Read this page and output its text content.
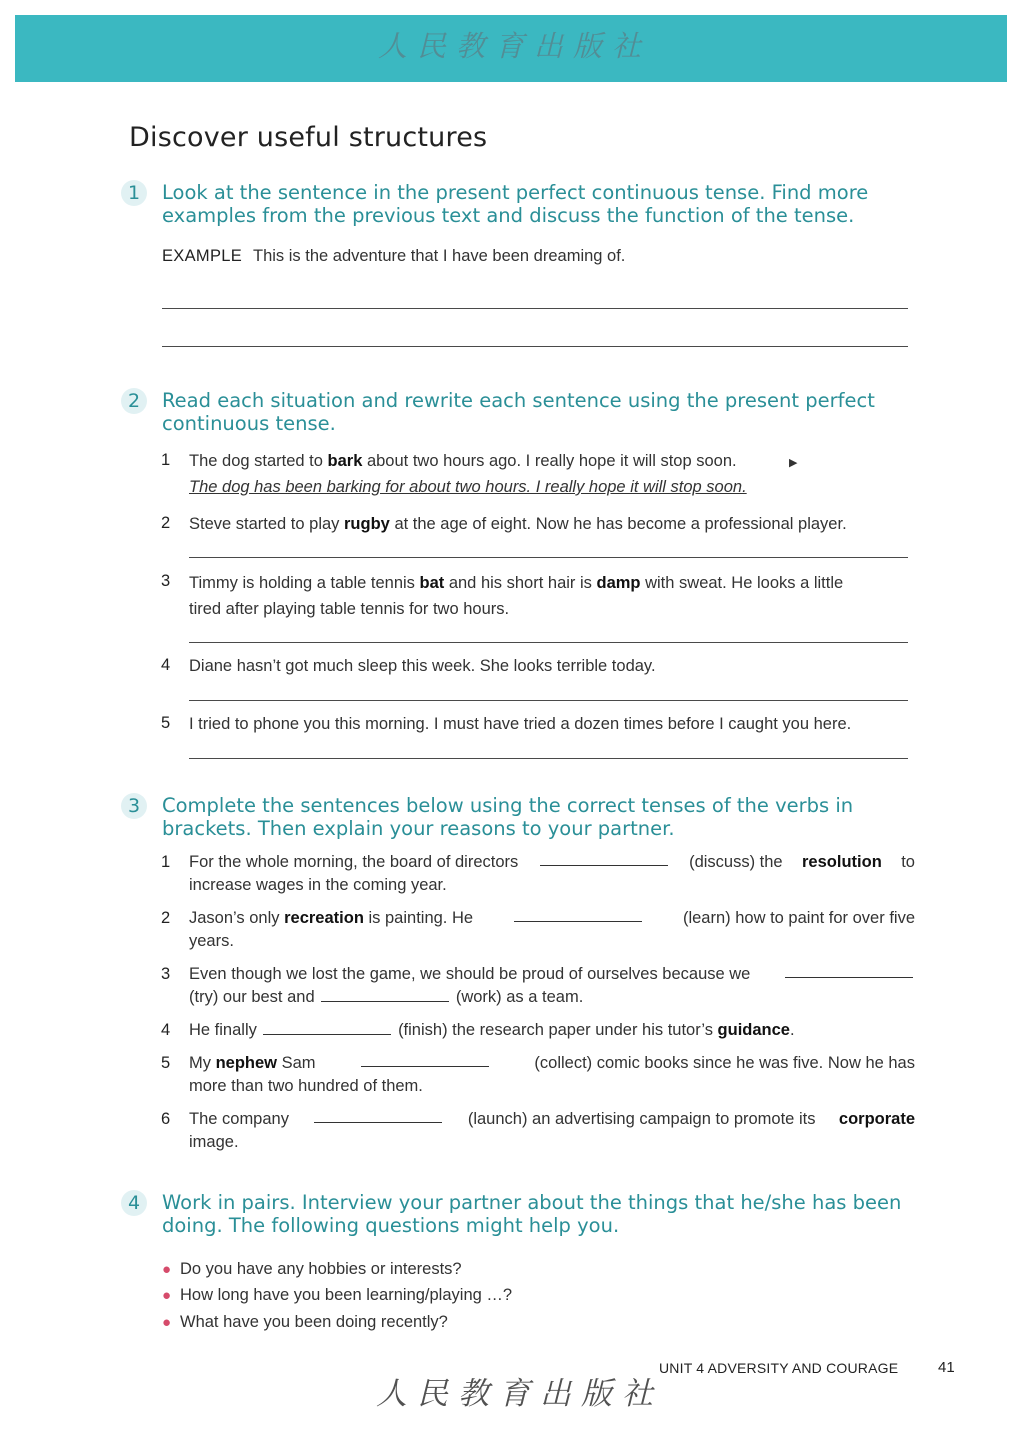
人民教育出版社
Discover useful structures
1	Look at the sentence in the present perfect continuous tense. Find more
examples from the previous text and discuss the function of the tense.
EXAMPLE This is the adventure that I have been dreaming of.
2	Read each situation and rewrite each sentence using the present perfect
continuous tense.
1 The dog started to bark about two hours ago. I really hope it will stop soon.	▶
The dog has been barking for about two hours. I really hope it will stop soon.
2 Steve started to play rugby at the age of eight. Now he has become a professional player.
3 Timmy is holding a table tennis bat and his short hair is damp with sweat. He looks a little
tired after playing table tennis for two hours.
4 Diane hasn’t got much sleep this week. She looks terrible today.
5 I tried to phone you this morning. I must have tried a dozen times before I caught you here.
3	Complete the sentences below using the correct tenses of the verbs in
brackets. Then explain your reasons to your partner.
1 For the whole morning, the board of directors	(discuss) the resolution to
increase wages in the coming year.
2 Jason’s only recreation is painting. He	(learn) how to paint for over five
years.
3 Even though we lost the game, we should be proud of ourselves because we
(try) our best and	(work) as a team.
4 He finally	(finish) the research paper under his tutor’s guidance.
5 My nephew Sam	(collect) comic books since he was five. Now he has
more than two hundred of them.
6 The company	(launch) an advertising campaign to promote its corporate
image.
4	Work in pairs. Interview your partner about the things that he/she has been
doing. The following questions might help you.
● Do you have any hobbies or interests?
● How long have you been learning/playing …?
● What have you been doing recently?
UNIT 4 ADVERSITY AND COURAGE	41
人民教育出版社
